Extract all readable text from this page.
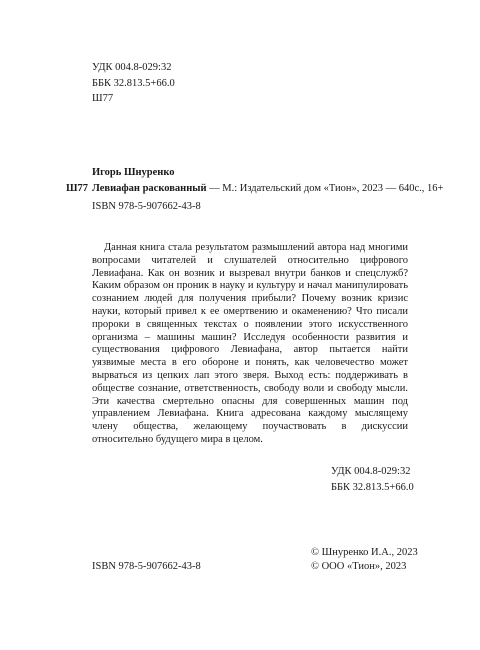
УДК 004.8-029:32
ББК 32.813.5+66.0
Ш77
Игорь Шнуренко
Ш77 Левиафан раскованный — М.: Издательский дом «Тион», 2023 — 640с., 16+
ISBN 978-5-907662-43-8

Данная книга стала результатом размышлений автора над многими вопросами читателей и слушателей относительно цифрового Левиафана. Как он возник и вызревал внутри банков и спецслужб? Каким образом он проник в науку и культуру и начал манипулировать сознанием людей для получения прибыли? Почему возник кризис науки, который привел к ее омертвению и окаменению? Что писали пророки в священных текстах о появлении этого искусственного организма – машины машин? Исследуя особенности развития и существования цифрового Левиафана, автор пытается найти уязвимые места в его обороне и понять, как человечество может вырваться из цепких лап этого зверя. Выход есть: поддерживать в обществе сознание, ответственность, свободу воли и свободу мысли. Эти качества смертельно опасны для совершенных машин под управлением Левиафана. Книга адресована каждому мыслящему члену общества, желающему поучаствовать в дискуссии относительно будущего мира в целом.

УДК 004.8-029:32
ББК 32.813.5+66.0
ISBN 978-5-907662-43-8
© Шнуренко И.А., 2023
© ООО «Тион», 2023
